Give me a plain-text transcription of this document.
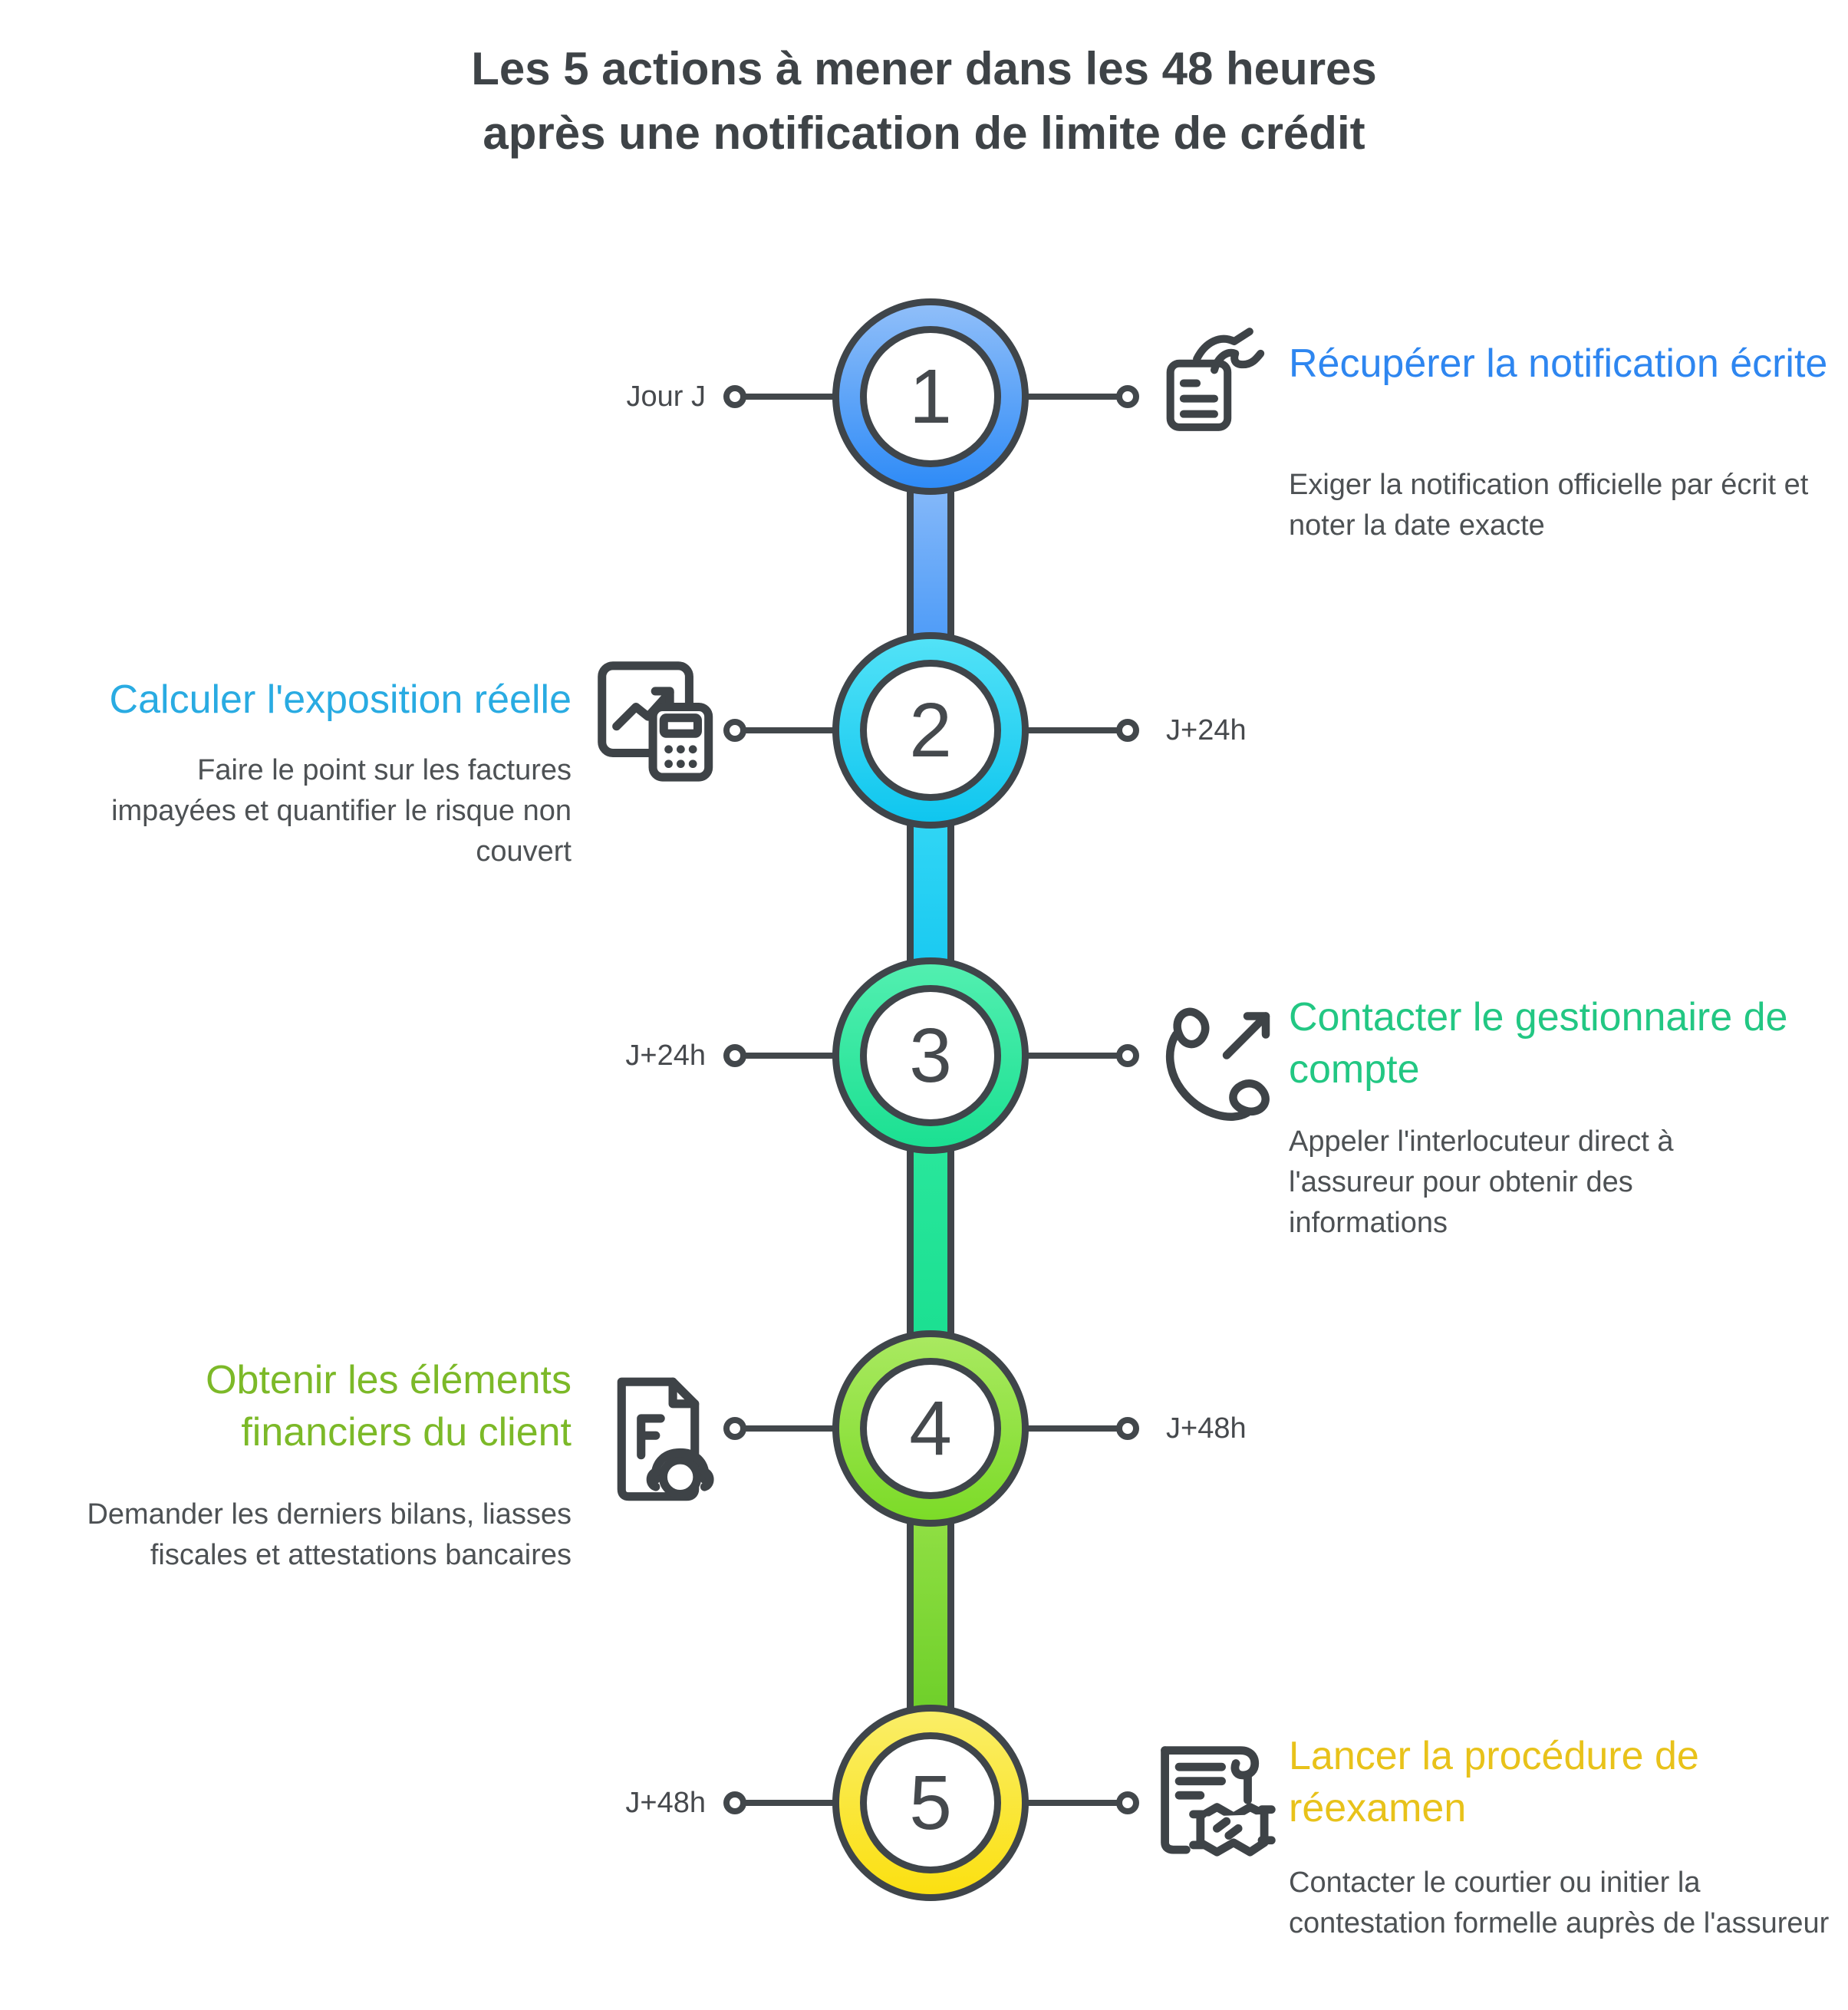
Les 5 actions à mener dans les 48 heures
après une notification de limite de crédit
1
Jour J
Récupérer la notification écrite
Exiger la notification officielle par écrit et noter la date exacte
2	J+24h
Calculer l'exposition réelle
Faire le point sur les factures impayées et quantifier le risque non couvert
3
J+24h
Contacter le gestionnaire de compte
Appeler l'interlocuteur direct à l'assureur pour obtenir des informations
4	J+48h
Obtenir les éléments financiers du client
Demander les derniers bilans, liasses fiscales et attestations bancaires
5
J+48h
Lancer la procédure de réexamen
Contacter le courtier ou initier la contestation formelle auprès de l'assureur
